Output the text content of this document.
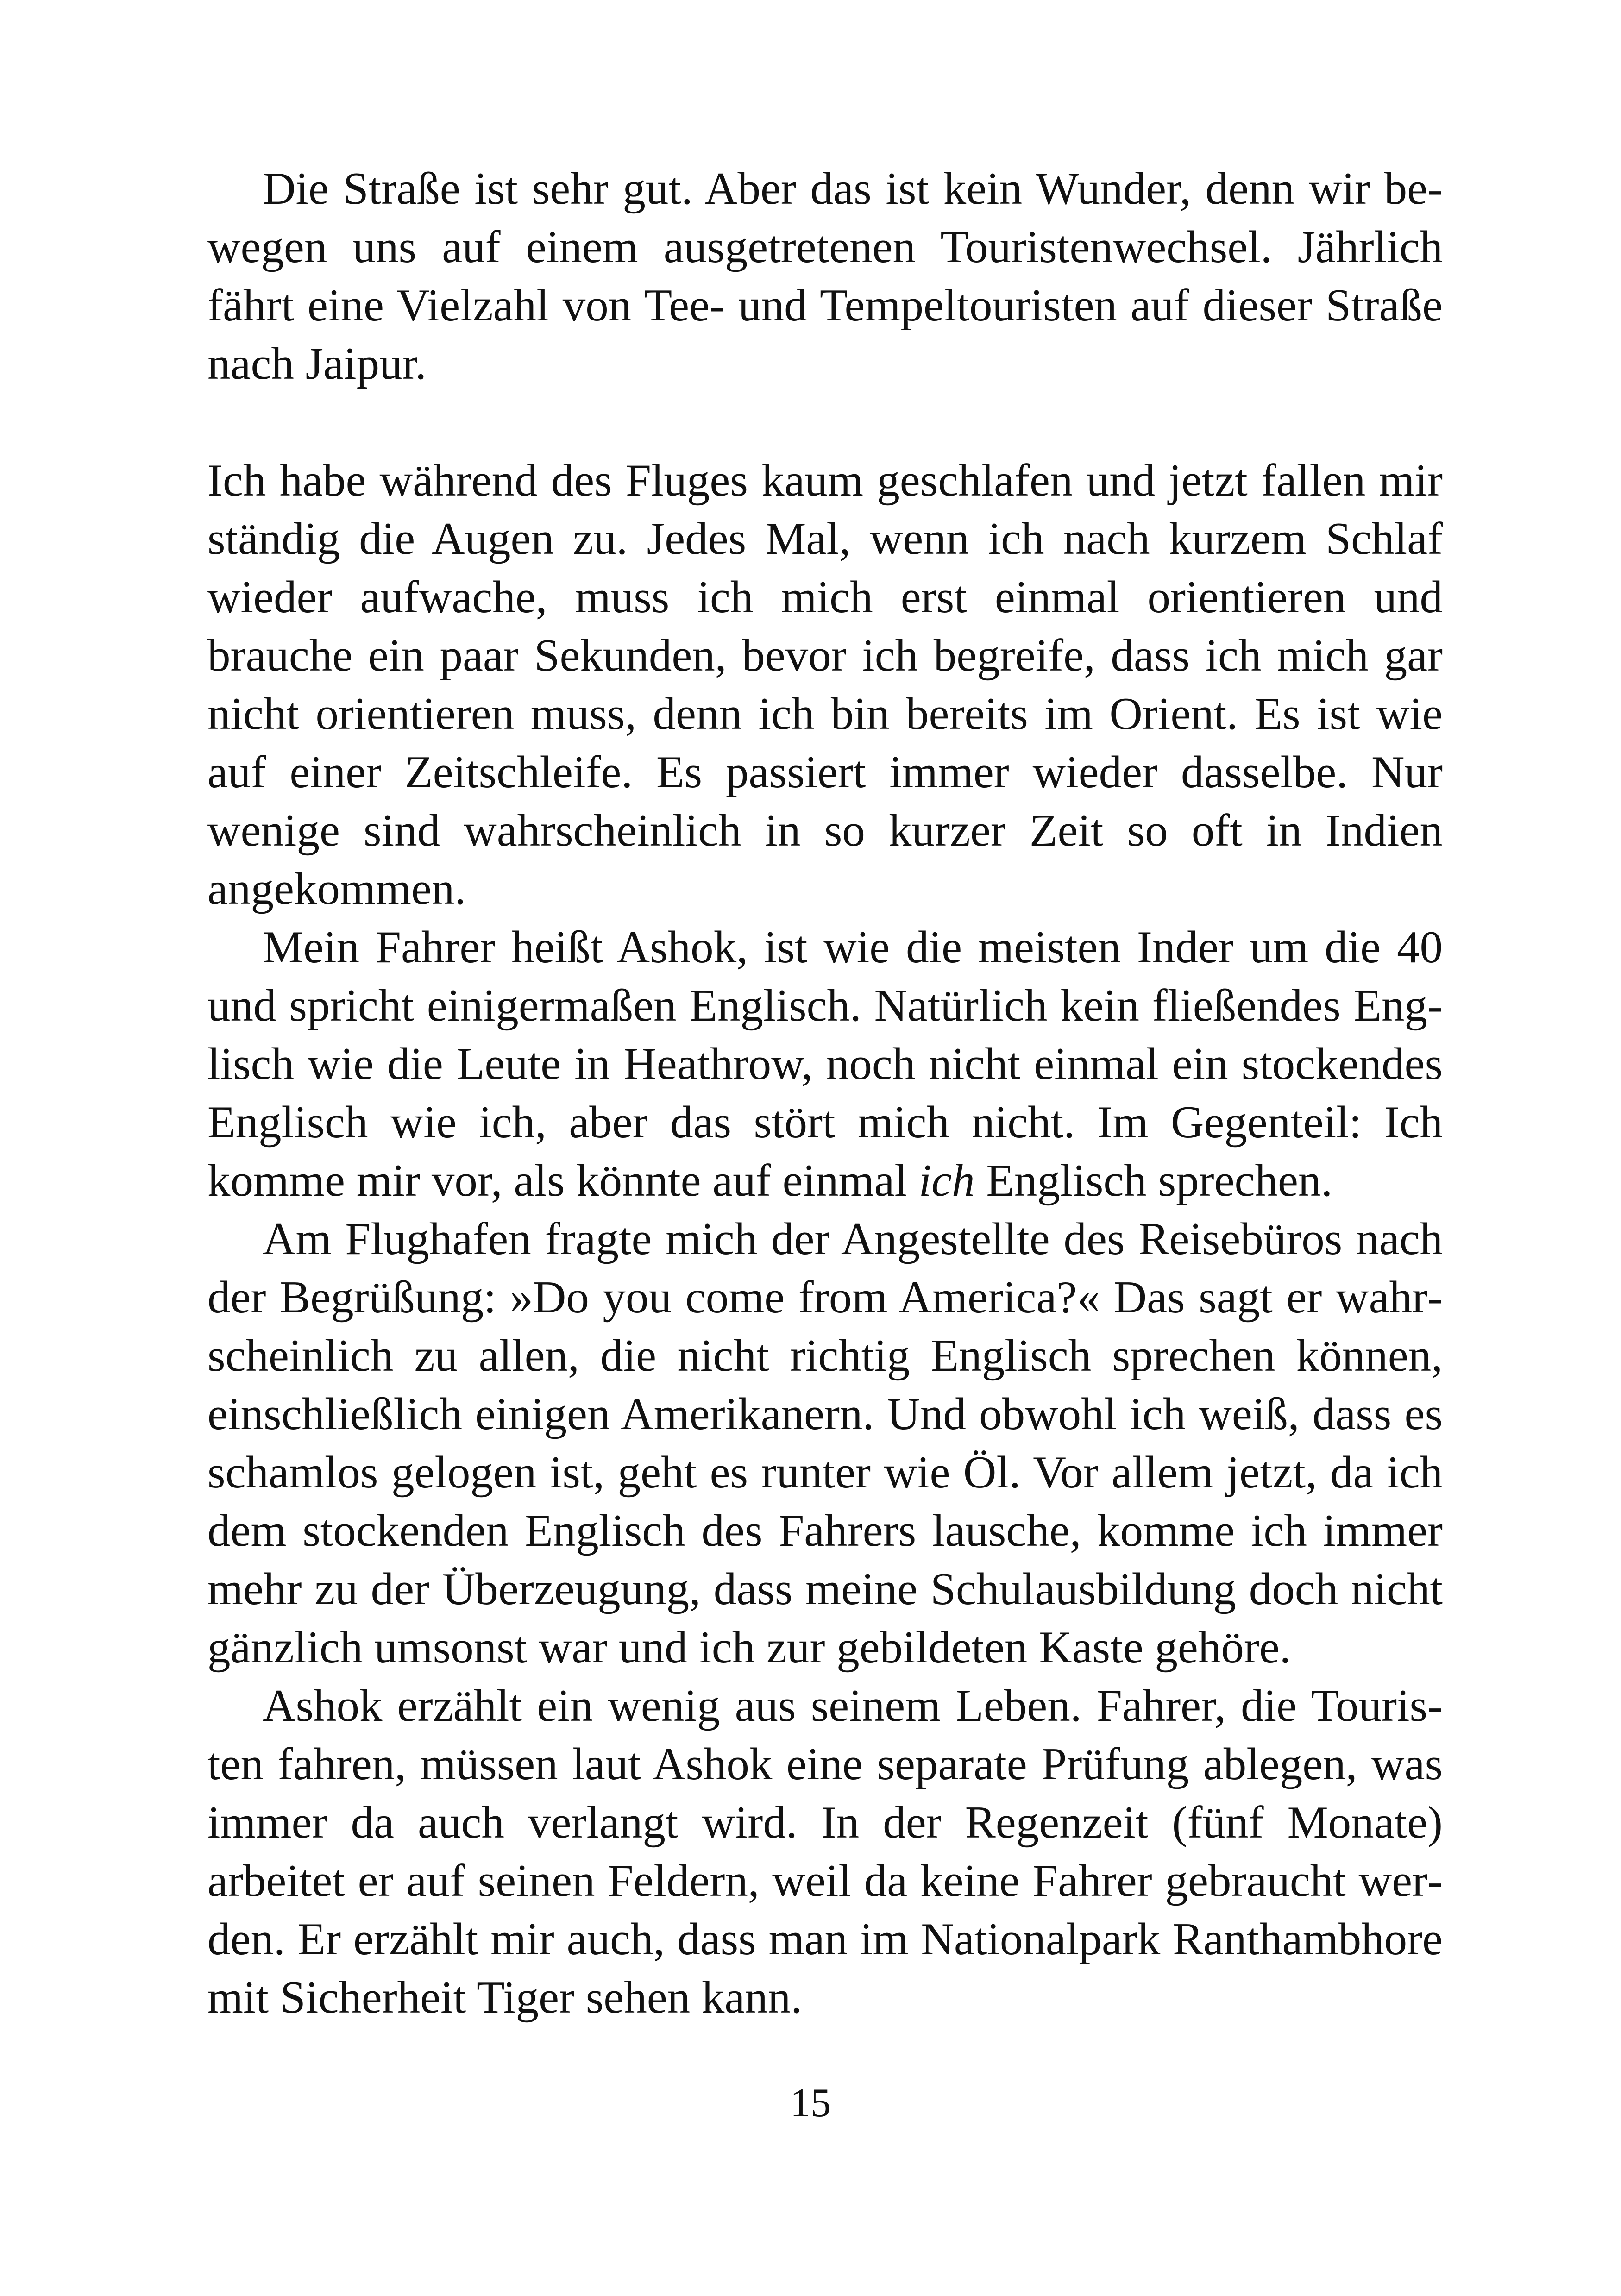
Die Straße ist sehr gut. Aber das ist kein Wunder, denn wir bewegen uns auf einem ausgetretenen Touristenwechsel. Jährlich fährt eine Vielzahl von Tee- und Tempeltouristen auf dieser Straße nach Jaipur.

Ich habe während des Fluges kaum geschlafen und jetzt fallen mir ständig die Augen zu. Jedes Mal, wenn ich nach kurzem Schlaf wieder aufwache, muss ich mich erst einmal orientieren und brauche ein paar Sekunden, bevor ich begreife, dass ich mich gar nicht orientieren muss, denn ich bin bereits im Orient. Es ist wie auf einer Zeitschleife. Es passiert immer wieder dasselbe. Nur wenige sind wahrscheinlich in so kurzer Zeit so oft in Indien angekommen.

Mein Fahrer heißt Ashok, ist wie die meisten Inder um die 40 und spricht einigermaßen Englisch. Natürlich kein fließendes Englisch wie die Leute in Heathrow, noch nicht einmal ein stockendes Englisch wie ich, aber das stört mich nicht. Im Gegenteil: Ich komme mir vor, als könnte auf einmal ich Englisch sprechen.

Am Flughafen fragte mich der Angestellte des Reisebüros nach der Begrüßung: »Do you come from America?« Das sagt er wahrscheinlich zu allen, die nicht richtig Englisch sprechen können, einschließlich einigen Amerikanern. Und obwohl ich weiß, dass es schamlos gelogen ist, geht es runter wie Öl. Vor allem jetzt, da ich dem stockenden Englisch des Fahrers lausche, komme ich immer mehr zu der Überzeugung, dass meine Schulausbildung doch nicht gänzlich umsonst war und ich zur gebildeten Kaste gehöre.

Ashok erzählt ein wenig aus seinem Leben. Fahrer, die Touristen fahren, müssen laut Ashok eine separate Prüfung ablegen, was immer da auch verlangt wird. In der Regenzeit (fünf Monate) arbeitet er auf seinen Feldern, weil da keine Fahrer gebraucht werden. Er erzählt mir auch, dass man im Nationalpark Ranthambhore mit Sicherheit Tiger sehen kann.

15
